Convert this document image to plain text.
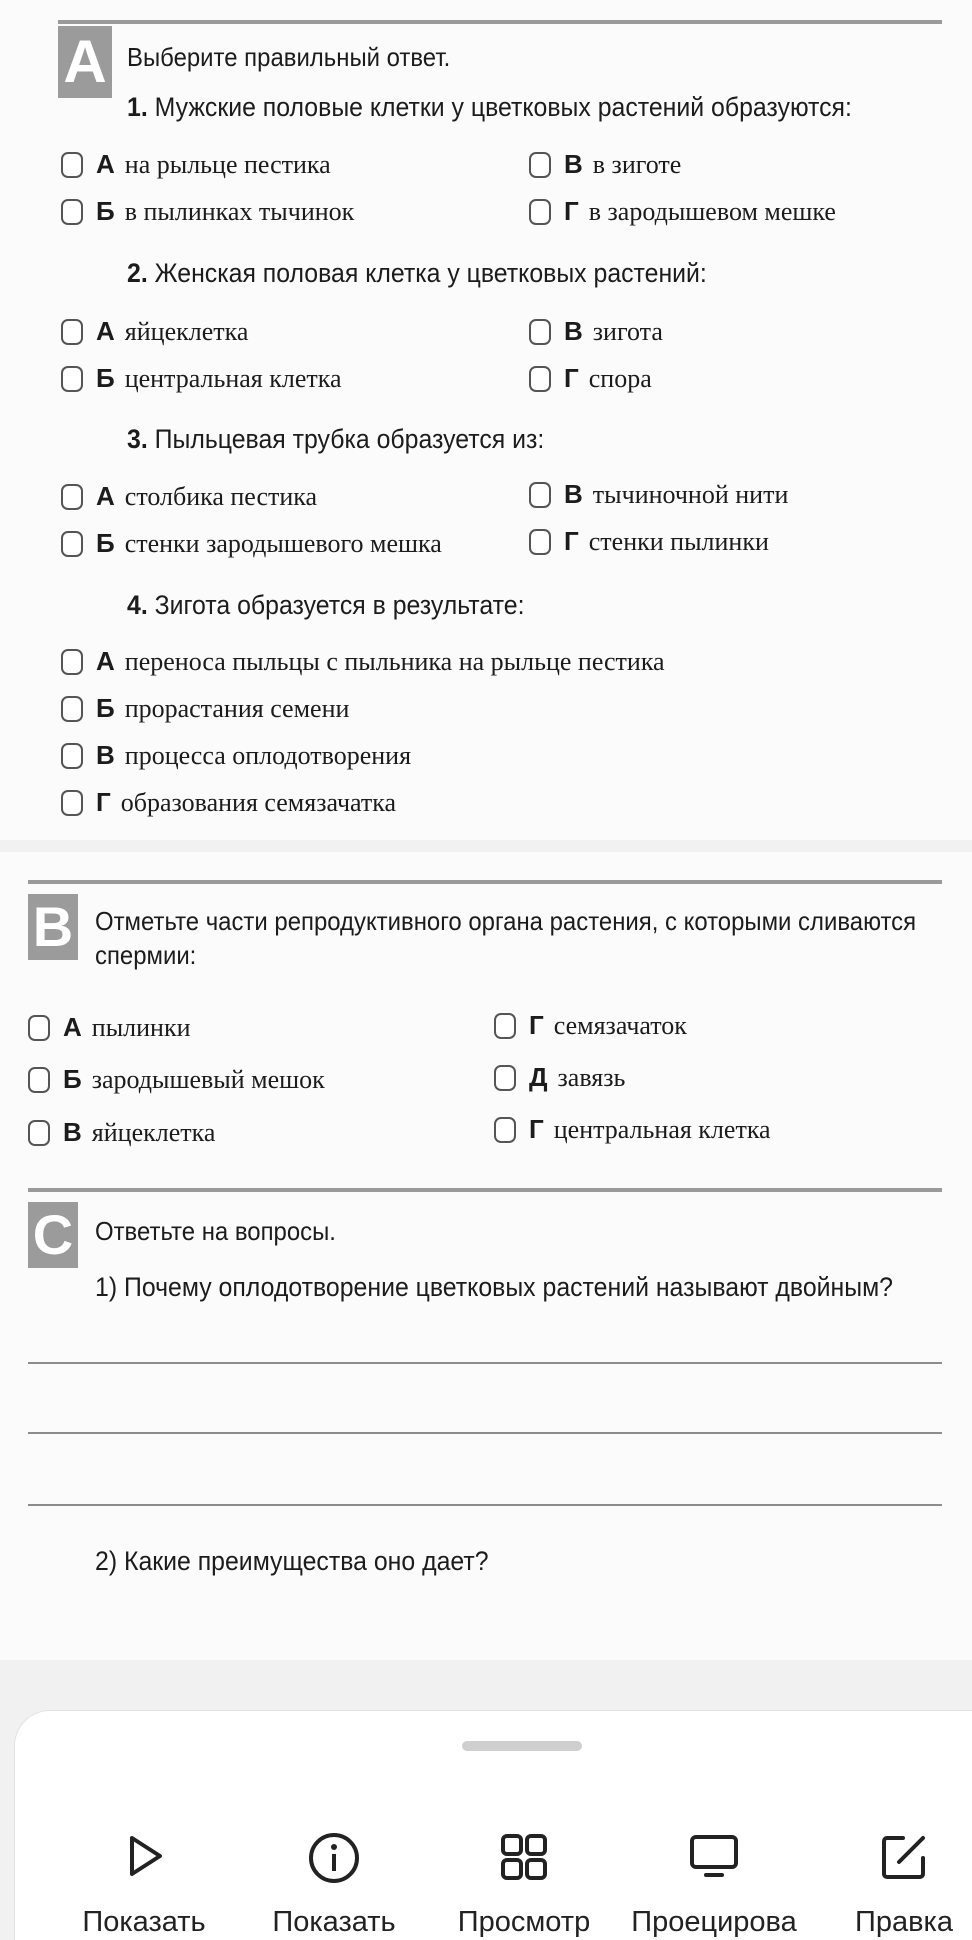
A Выберите правильный ответ.
1. Мужские половые клетки у цветковых растений образуются:
А на рыльце пестика
Б в пылинках тычинок
В в зиготе
Г в зародышевом мешке
2. Женская половая клетка у цветковых растений:
А яйцеклетка
Б центральная клетка
В зигота
Г спора
3. Пыльцевая трубка образуется из:
А столбика пестика
Б стенки зародышевого мешка
В тычиночной нити
Г стенки пылинки
4. Зигота образуется в результате:
А переноса пыльцы с пыльника на рыльце пестика
Б прорастания семени
В процесса оплодотворения
Г образования семязачатка
B Отметьте части репродуктивного органа растения, с которыми сливаются
спермии:
А пылинки
Б зародышевый мешок
В яйцеклетка
Г семязачаток
Д завязь
Г центральная клетка
C Ответьте на вопросы.
1) Почему оплодотворение цветковых растений называют двойным?
2) Какие преимущества оно дает?
Показать	Показать	Просмотр	Проецирова	Правка
